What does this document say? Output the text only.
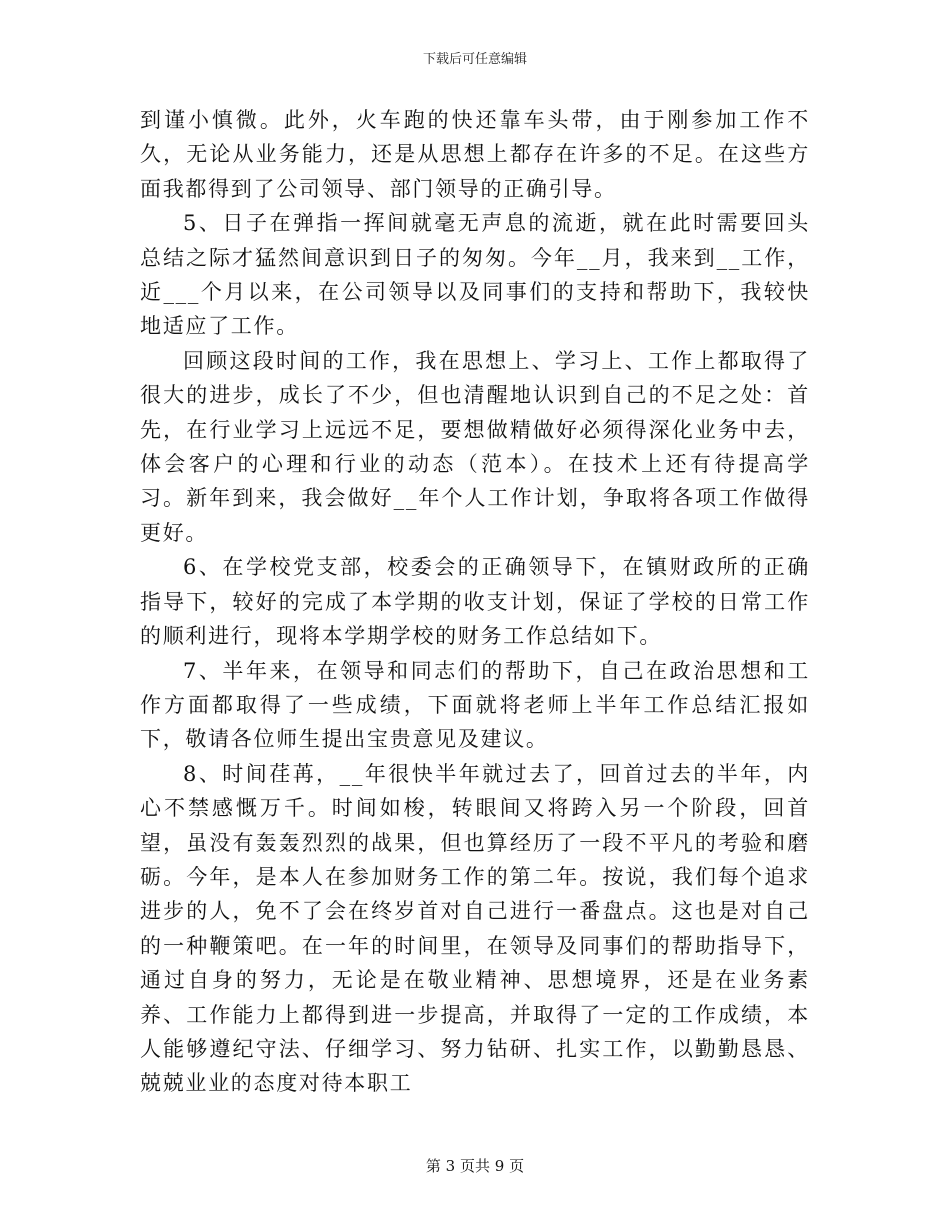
下载后可任意编辑

到谨小慎微。此外，火车跑的快还靠车头带，由于刚参加工作不久，无论从业务能力，还是从思想上都存在许多的不足。在这些方面我都得到了公司领导、部门领导的正确引导。

5、日子在弹指一挥间就毫无声息的流逝，就在此时需要回头总结之际才猛然间意识到日子的匆匆。今年__月，我来到__工作，近___个月以来，在公司领导以及同事们的支持和帮助下，我较快地适应了工作。

回顾这段时间的工作，我在思想上、学习上、工作上都取得了很大的进步，成长了不少，但也清醒地认识到自己的不足之处：首先，在行业学习上远远不足，要想做精做好必须得深化业务中去，体会客户的心理和行业的动态（范本）。在技术上还有待提高学习。新年到来，我会做好__年个人工作计划，争取将各项工作做得更好。

6、在学校党支部，校委会的正确领导下，在镇财政所的正确指导下，较好的完成了本学期的收支计划，保证了学校的日常工作的顺利进行，现将本学期学校的财务工作总结如下。

7、半年来，在领导和同志们的帮助下，自己在政治思想和工作方面都取得了一些成绩，下面就将老师上半年工作总结汇报如下，敬请各位师生提出宝贵意见及建议。

8、时间荏苒，__年很快半年就过去了，回首过去的半年，内心不禁感慨万千。时间如梭，转眼间又将跨入另一个阶段，回首望，虽没有轰轰烈烈的战果，但也算经历了一段不平凡的考验和磨砺。今年，是本人在参加财务工作的第二年。按说，我们每个追求进步的人，免不了会在终岁首对自己进行一番盘点。这也是对自己的一种鞭策吧。在一年的时间里，在领导及同事们的帮助指导下，通过自身的努力，无论是在敬业精神、思想境界，还是在业务素养、工作能力上都得到进一步提高，并取得了一定的工作成绩，本人能够遵纪守法、仔细学习、努力钻研、扎实工作，以勤勤恳恳、兢兢业业的态度对待本职工

第 3 页共 9 页
